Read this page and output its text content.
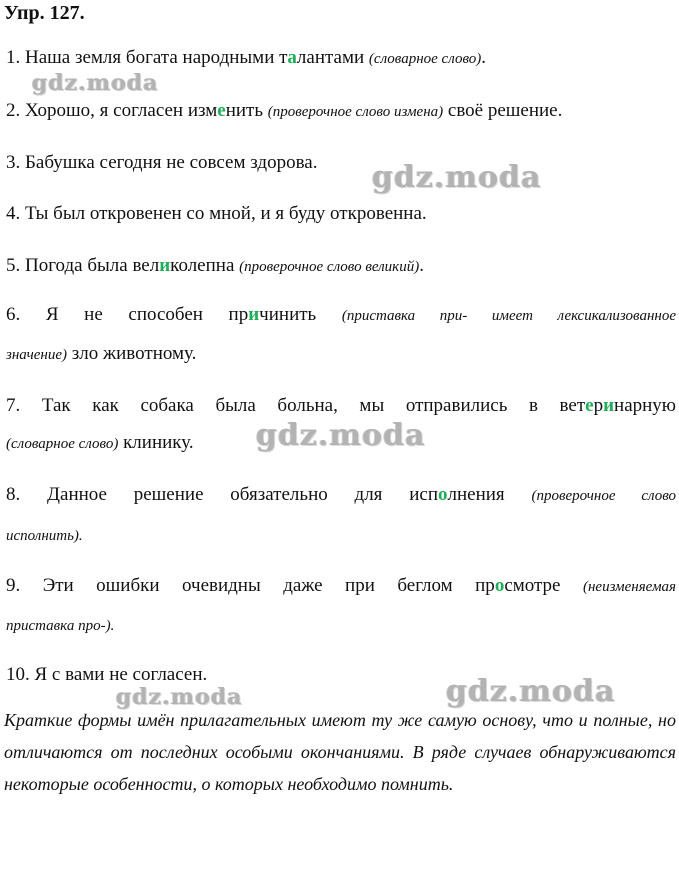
Упр. 127.
1. Наша земля богата народными талантами (словарное слово).
2. Хорошо, я согласен изменить (проверочное слово измена) своё решение.
3. Бабушка сегодня не совсем здорова.
4. Ты был откровенен со мной, и я буду откровенна.
5. Погода была великолепна (проверочное слово великий).
6. Я не способен причинить (приставка при- имеет лексикализованное
значение) зло животному.
7. Так как собака была больна, мы отправились в ветеринарную
(словарное слово) клинику.
8. Данное решение обязательно для исполнения (проверочное слово
исполнить).
9. Эти ошибки очевидны даже при беглом просмотре (неизменяемая
приставка про-).
10. Я с вами не согласен.
Краткие формы имён прилагательных имеют ту же самую основу, что и полные, но отличаются от последних особыми окончаниями. В ряде случаев обнаруживаются некоторые особенности, о которых необходимо помнить.
gdz.moda
gdz.moda
gdz.moda
gdz.moda	gdz.moda
